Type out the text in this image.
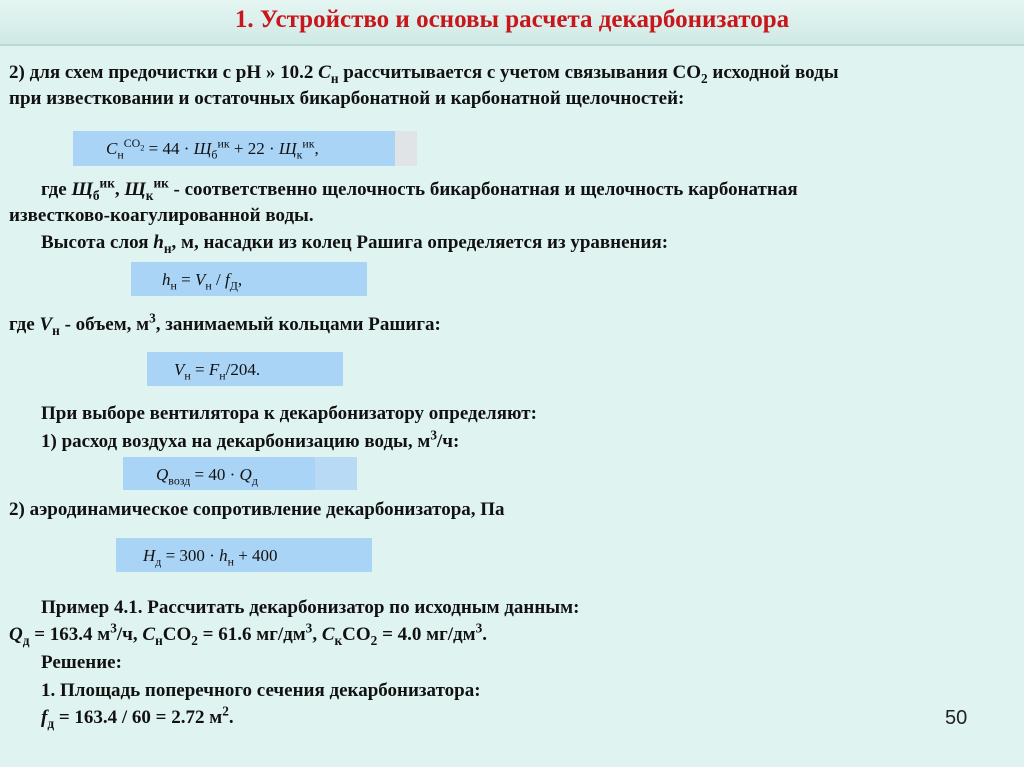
1. Устройство и основы расчета декарбонизатора
2) для схем предочистки с рН » 10.2 $С_н$ рассчитывается с учетом связывания $СО_2$ исходной воды
при известковании и остаточных бикарбонатной и карбонатной щелочностей:
$С_н^{СО_2} = 44 \cdot Щ_б^{ик} + 22 \cdot Щ_к^{ик}$,
где $Щ_б^{ик}$, $Щ_к^{ик}$ - соответственно щелочность бикарбонатная и щелочность карбонатная
известково-коагулированной воды.
Высота слоя $h_н$, м, насадки из колец Рашига определяется из уравнения:
$h_н = V_н / f_Д$,
где $V_н$ - объем, $м^3$, занимаемый кольцами Рашига:
$V_н = F_н/204$.
При выборе вентилятора к декарбонизатору определяют:
1) расход воздуха на декарбонизацию воды, $м^3/ч$:
$Q_{возд} = 40 \cdot Q_д$
2) аэродинамическое сопротивление декарбонизатора, Па
$H_д = 300 \cdot h_н + 400$
Пример 4.1. Рассчитать декарбонизатор по исходным данным:
$Q_д = 163.4$ $м^3/ч$, $С_нСО_2 = 61.6$ $мг/дм^3$, $С_кСО_2 = 4.0$ $мг/дм^3$.
Решение:
1. Площадь поперечного сечения декарбонизатора:
$f_д = 163.4 / 60 = 2.72$ $м^2$.	50
